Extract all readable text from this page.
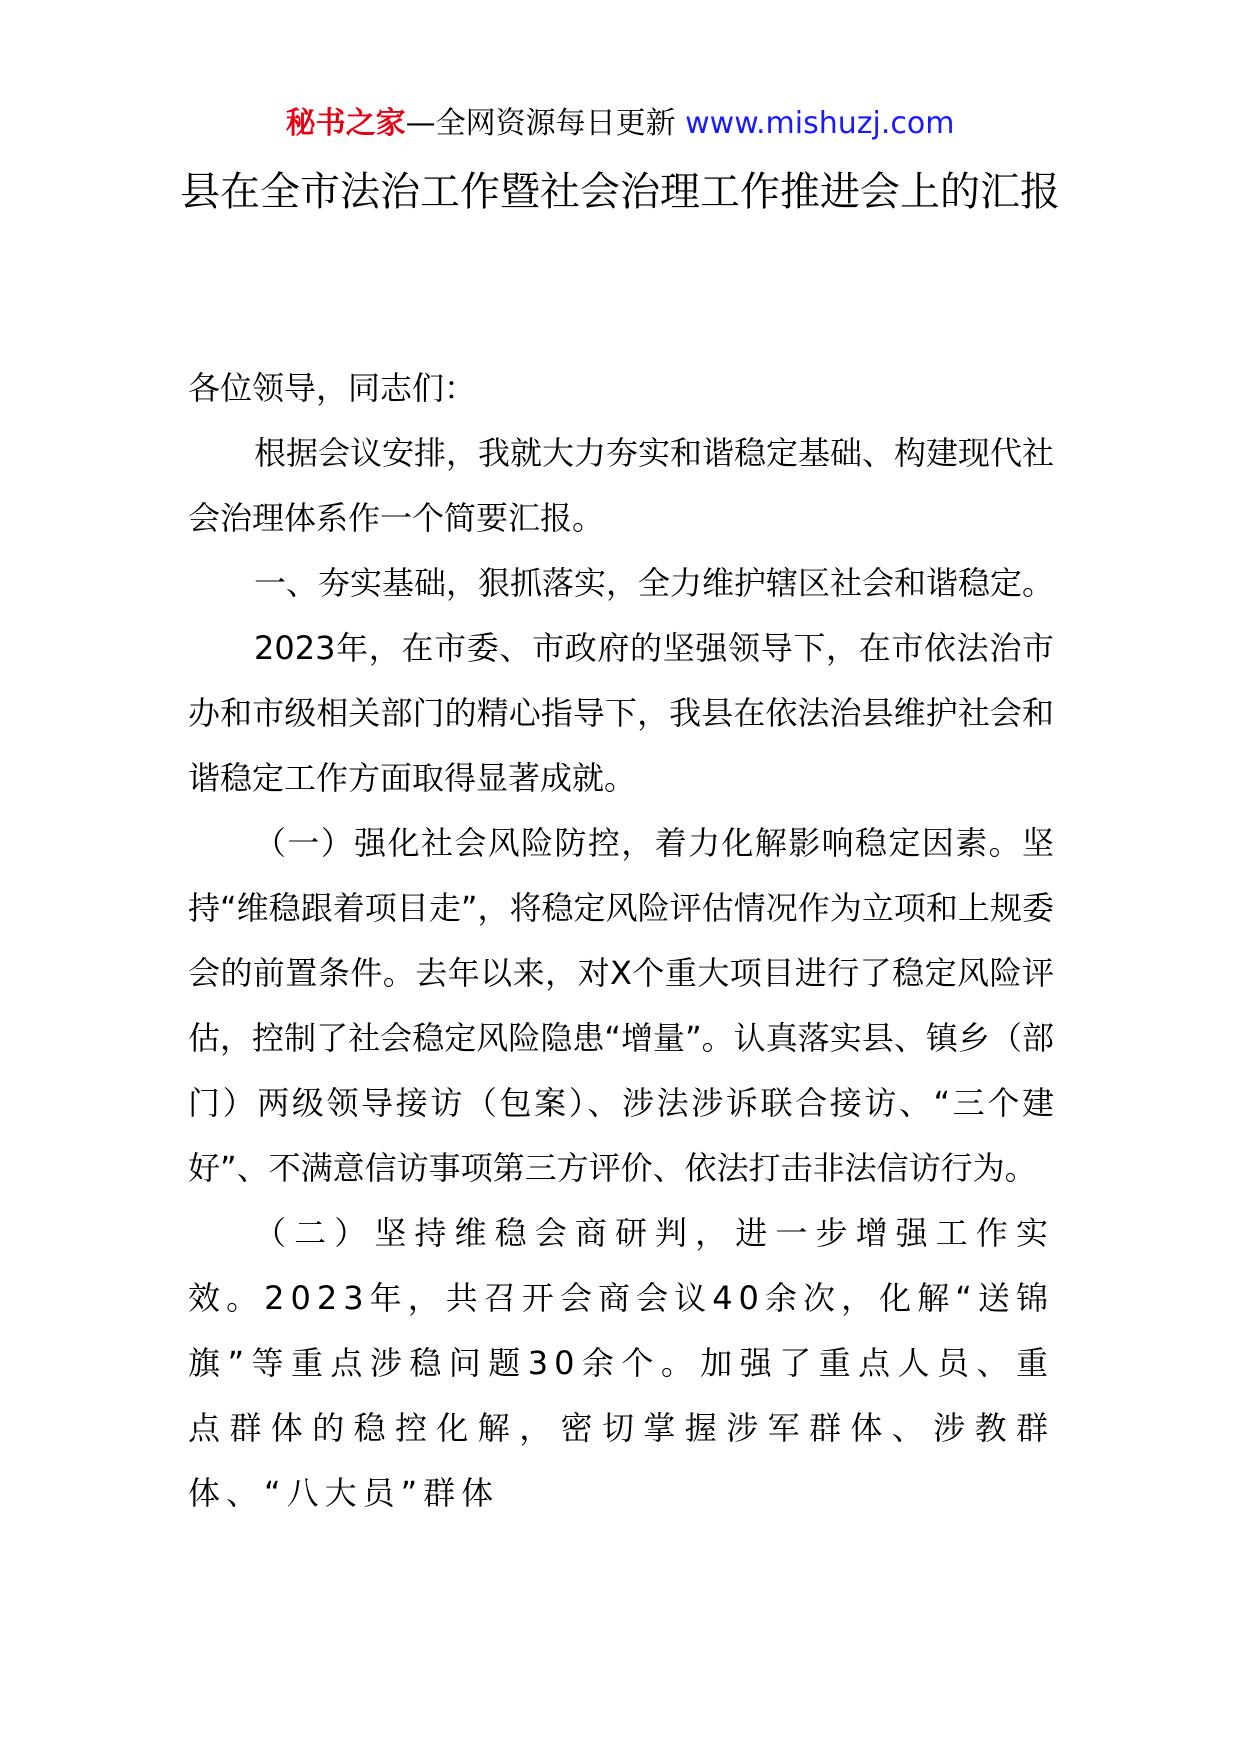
秘书之家—全网资源每日更新 www.mishuzj.com
县在全市法治工作暨社会治理工作推进会上的汇报

各位领导，同志们：

根据会议安排，我就大力夯实和谐稳定基础、构建现代社会治理体系作一个简要汇报。

一、夯实基础，狠抓落实，全力维护辖区社会和谐稳定。

2023年，在市委、市政府的坚强领导下，在市依法治市办和市级相关部门的精心指导下，我县在依法治县维护社会和谐稳定工作方面取得显著成就。

（一）强化社会风险防控，着力化解影响稳定因素。坚持“维稳跟着项目走”，将稳定风险评估情况作为立项和上规委会的前置条件。去年以来，对X个重大项目进行了稳定风险评估，控制了社会稳定风险隐患“增量”。认真落实县、镇乡（部门）两级领导接访（包案）、涉法涉诉联合接访、“三个建好”、不满意信访事项第三方评价、依法打击非法信访行为。

（二）坚持维稳会商研判，进一步增强工作实效。2023年，共召开会商会议40余次，化解“送锦旗”等重点涉稳问题30余个。加强了重点人员、重点群体的稳控化解，密切掌握涉军群体、涉教群体、“八大员”群体
